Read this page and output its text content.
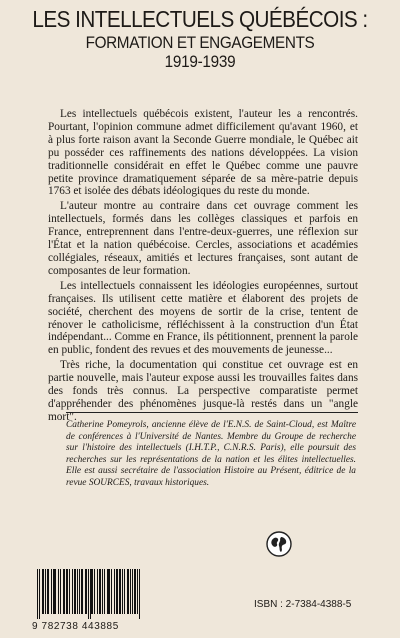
LES INTELLECTUELS QUÉBÉCOIS :
FORMATION ET ENGAGEMENTS
1919-1939

Les intellectuels québécois existent, l'auteur les a rencontrés. Pourtant, l'opinion commune admet difficilement qu'avant 1960, et à plus forte raison avant la Seconde Guerre mondiale, le Québec ait pu posséder ces raffinements des nations développées. La vision traditionnelle considérait en effet le Québec comme une pauvre petite province dramatiquement séparée de sa mère-patrie depuis 1763 et isolée des débats idéologiques du reste du monde.

L'auteur montre au contraire dans cet ouvrage comment les intellectuels, formés dans les collèges classiques et parfois en France, entreprennent dans l'entre-deux-guerres, une réflexion sur l'État et la nation québécoise. Cercles, associations et académies collégiales, réseaux, amitiés et lectures françaises, sont autant de composantes de leur formation.

Les intellectuels connaissent les idéologies européennes, surtout françaises. Ils utilisent cette matière et élaborent des projets de société, cherchent des moyens de sortir de la crise, tentent de rénover le catholicisme, réfléchissent à la construction d'un État indépendant... Comme en France, ils pétitionnent, prennent la parole en public, fondent des revues et des mouvements de jeunesse...

Très riche, la documentation qui constitue cet ouvrage est en partie nouvelle, mais l'auteur expose aussi les trouvailles faites dans des fonds très connus. La perspective comparatiste permet d'appréhender des phénomènes jusque-là restés dans un "angle mort".

Catherine Pomeyrols, ancienne élève de l'E.N.S. de Saint-Cloud, est Maître de conférences à l'Université de Nantes. Membre du Groupe de recherche sur l'histoire des intellectuels (I.H.T.P., C.N.R.S. Paris), elle poursuit des recherches sur les représentations de la nation et les élites intellectuelles. Elle est aussi secrétaire de l'association Histoire au Présent, éditrice de la revue SOURCES, travaux historiques.
9 782738 443885
ISBN : 2-7384-4388-5
